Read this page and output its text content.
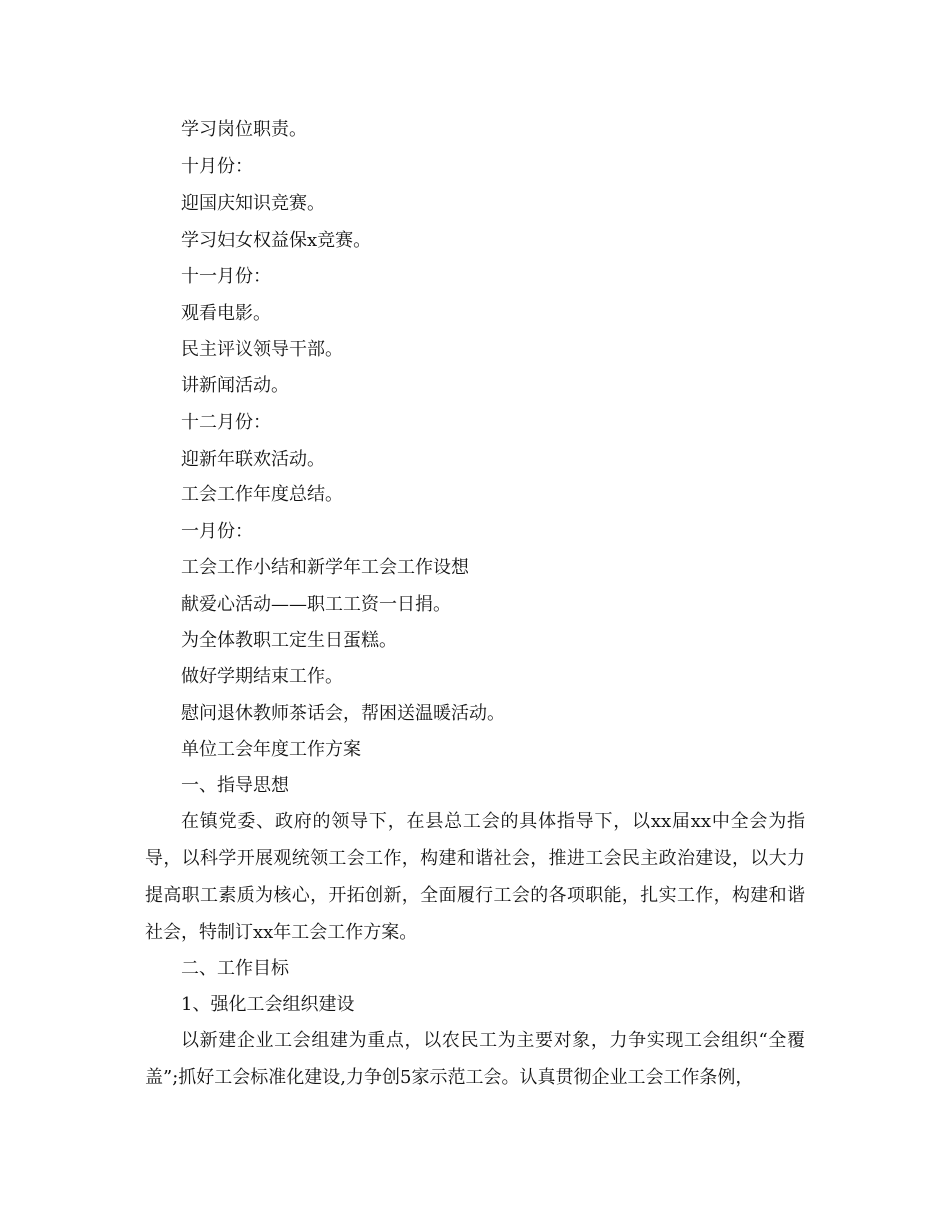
学习岗位职责。
十月份：
迎国庆知识竞赛。
学习妇女权益保x竞赛。
十一月份：
观看电影。
民主评议领导干部。
讲新闻活动。
十二月份：
迎新年联欢活动。
工会工作年度总结。
一月份：
工会工作小结和新学年工会工作设想
献爱心活动——职工工资一日捐。
为全体教职工定生日蛋糕。
做好学期结束工作。
慰问退休教师茶话会，帮困送温暖活动。
单位工会年度工作方案
一、指导思想
在镇党委、政府的领导下，在县总工会的具体指导下，以xx届xx中全会为指导，以科学开展观统领工会工作，构建和谐社会，推进工会民主政治建设，以大力提高职工素质为核心，开拓创新，全面履行工会的各项职能，扎实工作，构建和谐社会，特制订xx年工会工作方案。
二、工作目标
1、强化工会组织建设
以新建企业工会组建为重点，以农民工为主要对象，力争实现工会组织“全覆盖”;抓好工会标准化建设,力争创5家示范工会。认真贯彻企业工会工作条例，
